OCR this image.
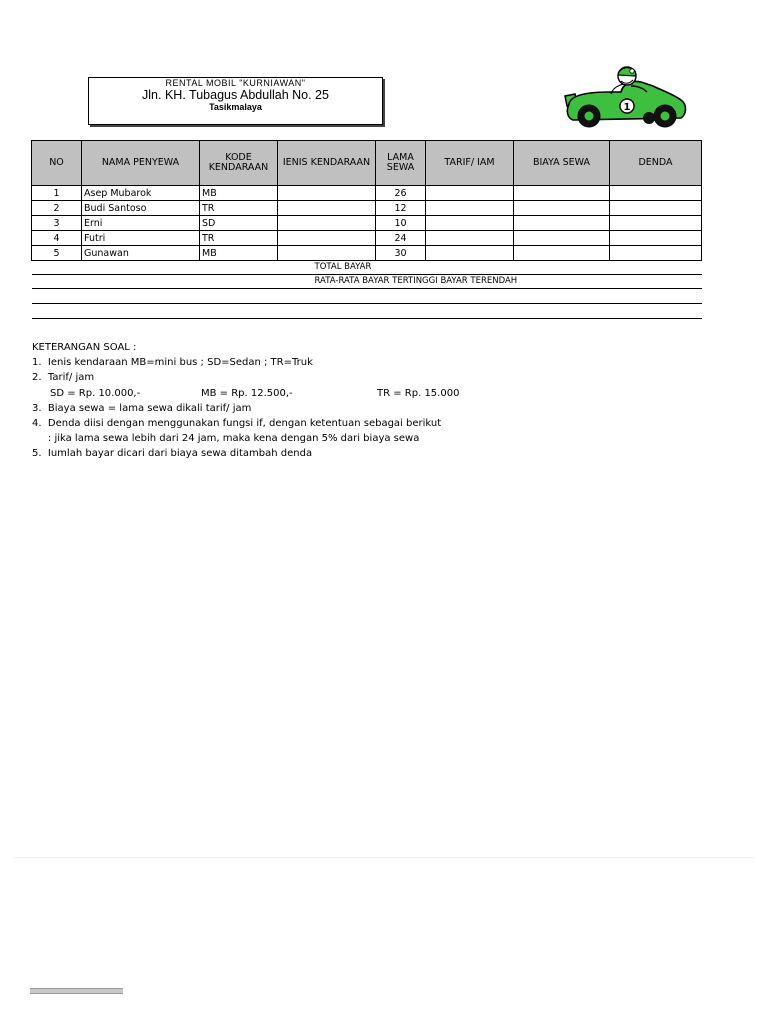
RENTAL MOBIL "KURNIAWAN"
Jln. KH. Tubagus Abdullah No. 25
Tasikmalaya	1
NO	NAMA PENYEWA	KODE KENDARAAN	IENIS KENDARAAN	LAMA SEWA	TARIF/ IAM	BIAYA SEWA	DENDA
1	Asep Mubarok	MB		26			
2	Budi Santoso	TR		12			
3	Erni	SD		10			
4	Futri	TR		24			
5	Gunawan	MB		30			
TOTAL BAYAR							
RATA-RATA BAYAR TERTINGGI BAYAR TERENDAH							

KETERANGAN SOAL :
1.  Ienis kendaraan MB=mini bus ; SD=Sedan ; TR=Truk
2.  Tarif/ jam
SD = Rp. 10.000,-	MB = Rp. 12.500,-	TR = Rp. 15.000
3.  Biaya sewa = lama sewa dikali tarif/ jam
4.  Denda diisi dengan menggunakan fungsi if, dengan ketentuan sebagai berikut
: jika lama sewa lebih dari 24 jam, maka kena dengan 5% dari biaya sewa
5.  Iumlah bayar dicari dari biaya sewa ditambah denda
